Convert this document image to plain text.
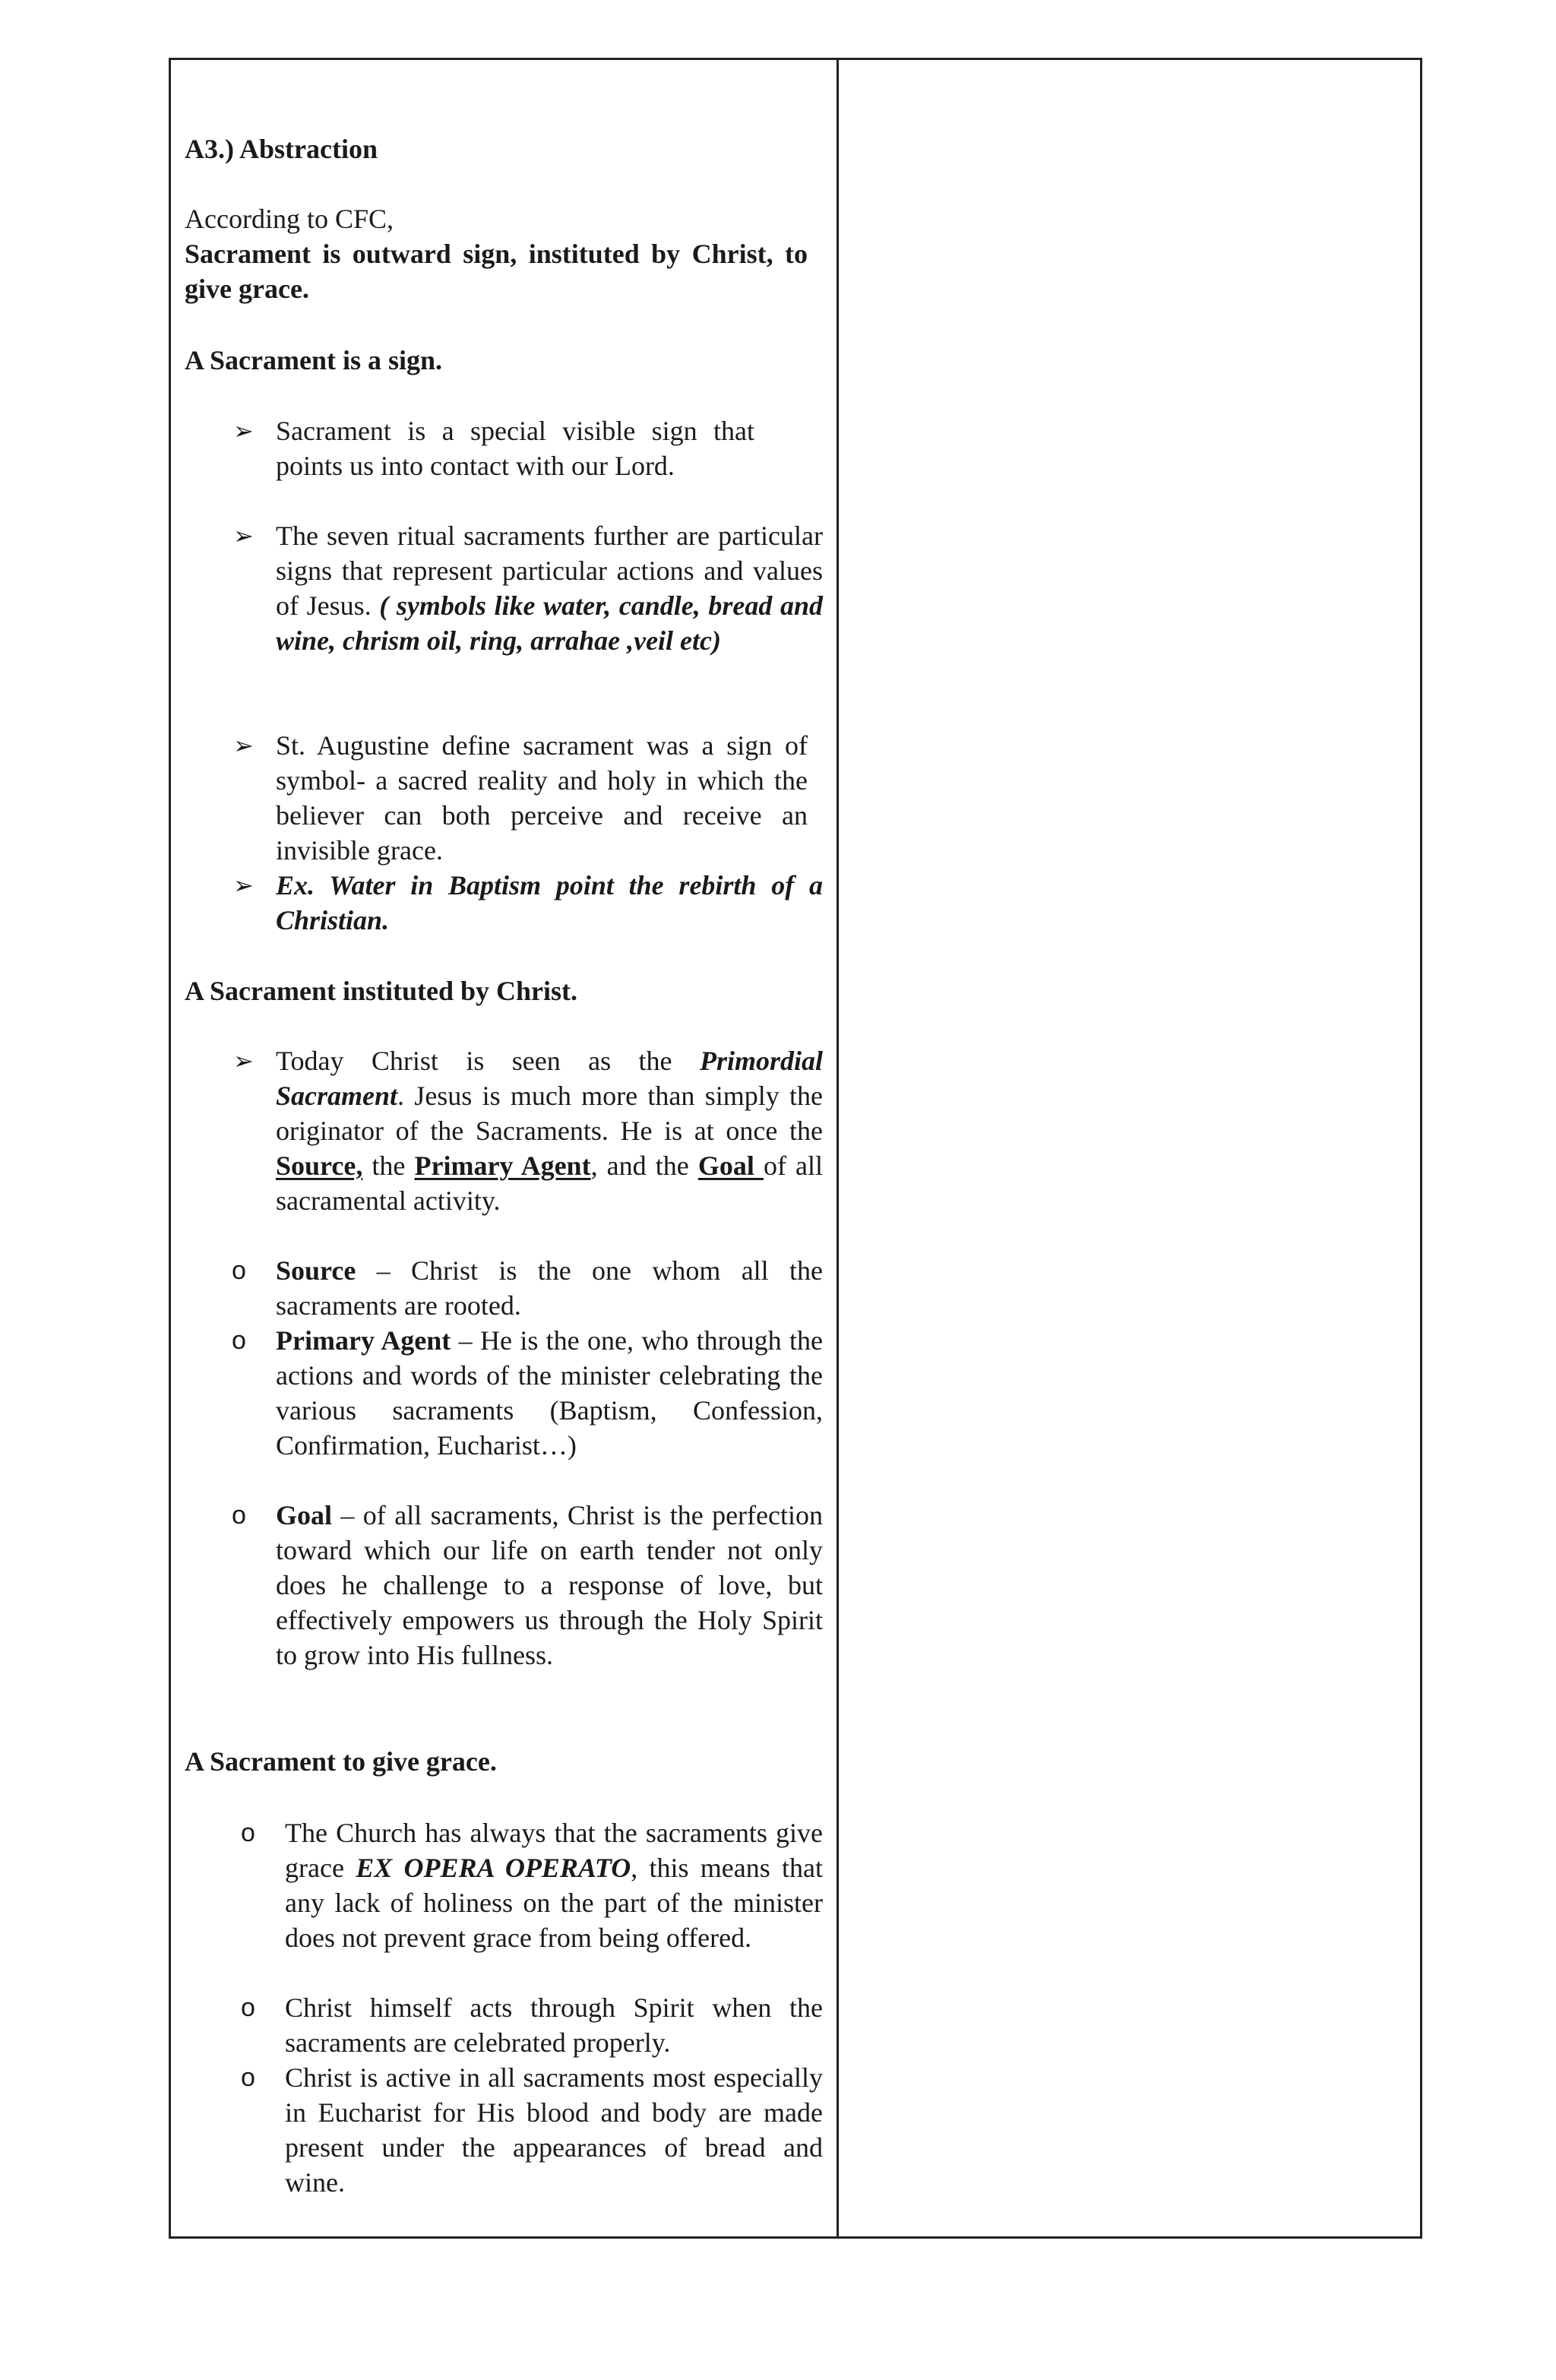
A3.) Abstraction
According to CFC,
Sacrament is outward sign, instituted by Christ, to give grace.
A Sacrament is a sign.
➢ Sacrament is a special visible sign that points us into contact with our Lord.
➢ The seven ritual sacraments further are particular signs that represent particular actions and values of Jesus. ( symbols like water, candle, bread and wine, chrism oil, ring, arrahae ,veil etc)
➢ St. Augustine define sacrament was a sign of symbol- a sacred reality and holy in which the believer can both perceive and receive an invisible grace.
➢ Ex. Water in Baptism point the rebirth of a Christian.
A Sacrament instituted by Christ.
➢ Today Christ is seen as the Primordial Sacrament. Jesus is much more than simply the originator of the Sacraments. He is at once the Source, the Primary Agent, and the Goal of all sacramental activity.
o Source – Christ is the one whom all the sacraments are rooted.
o Primary Agent – He is the one, who through the actions and words of the minister celebrating the various sacraments (Baptism, Confession, Confirmation, Eucharist…)
o Goal – of all sacraments, Christ is the perfection toward which our life on earth tender not only does he challenge to a response of love, but effectively empowers us through the Holy Spirit to grow into His fullness.
A Sacrament to give grace.
o The Church has always that the sacraments give grace EX OPERA OPERATO, this means that any lack of holiness on the part of the minister does not prevent grace from being offered.
o Christ himself acts through Spirit when the sacraments are celebrated properly.
o Christ is active in all sacraments most especially in Eucharist for His blood and body are made present under the appearances of bread and wine.
